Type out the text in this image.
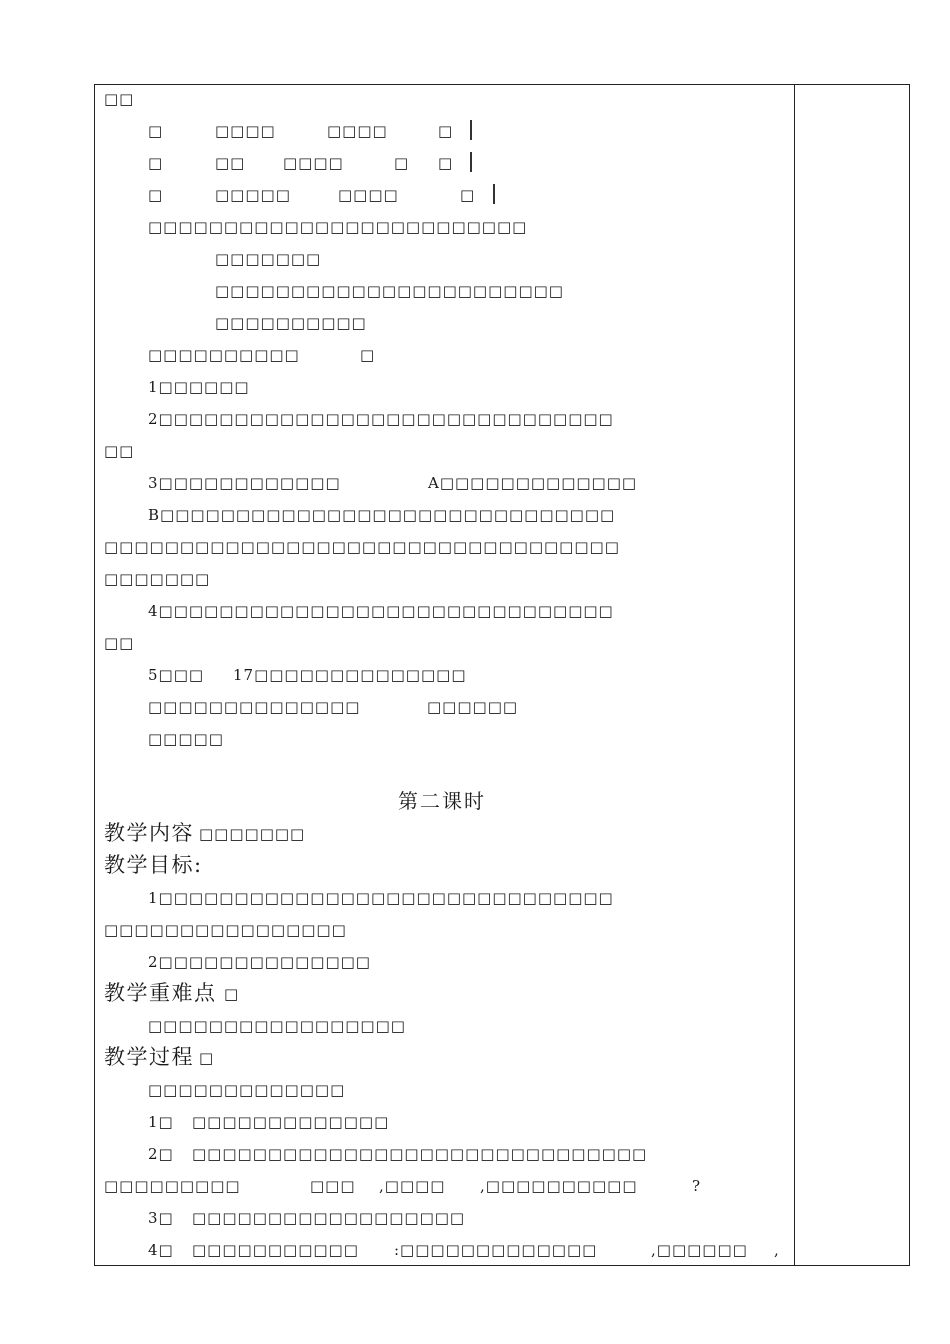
□□
□	□□□□	□□□□	□
□	□□	□□□□	□ □
□	□□□□□	□□□□	□
□□□□□□□□□□□□□□□□□□□□□□□□□
□□□□□□□
□□□□□□□□□□□□□□□□□□□□□□□
□□□□□□□□□□
□□□□□□□□□□	□
1□□□□□□
2□□□□□□□□□□□□□□□□□□□□□□□□□□□□□□
□□
3□□□□□□□□□□□□	A□□□□□□□□□□□□□
B□□□□□□□□□□□□□□□□□□□□□□□□□□□□□□
□□□□□□□□□□□□□□□□□□□□□□□□□□□□□□□□□□
□□□□□□□
4□□□□□□□□□□□□□□□□□□□□□□□□□□□□□□
□□
5□□□ 17□□□□□□□□□□□□□□
□□□□□□□□□□□□□□	□□□□□□
□□□□□
第二课时
教学内容 □□□□□□□
教学目标:
1□□□□□□□□□□□□□□□□□□□□□□□□□□□□□□
□□□□□□□□□□□□□□□□
2□□□□□□□□□□□□□□
教学重难点 □
□□□□□□□□□□□□□□□□□
教学过程 □
□□□□□□□□□□□□□
1□ □□□□□□□□□□□□□
2□ □□□□□□□□□□□□□□□□□□□□□□□□□□□□□□
□□□□□□□□□	□□□ ,□□□□ ,□□□□□□□□□□	?
3□ □□□□□□□□□□□□□□□□□□
4□ □□□□□□□□□□□ :□□□□□□□□□□□□□	,□□□□□□ ,
